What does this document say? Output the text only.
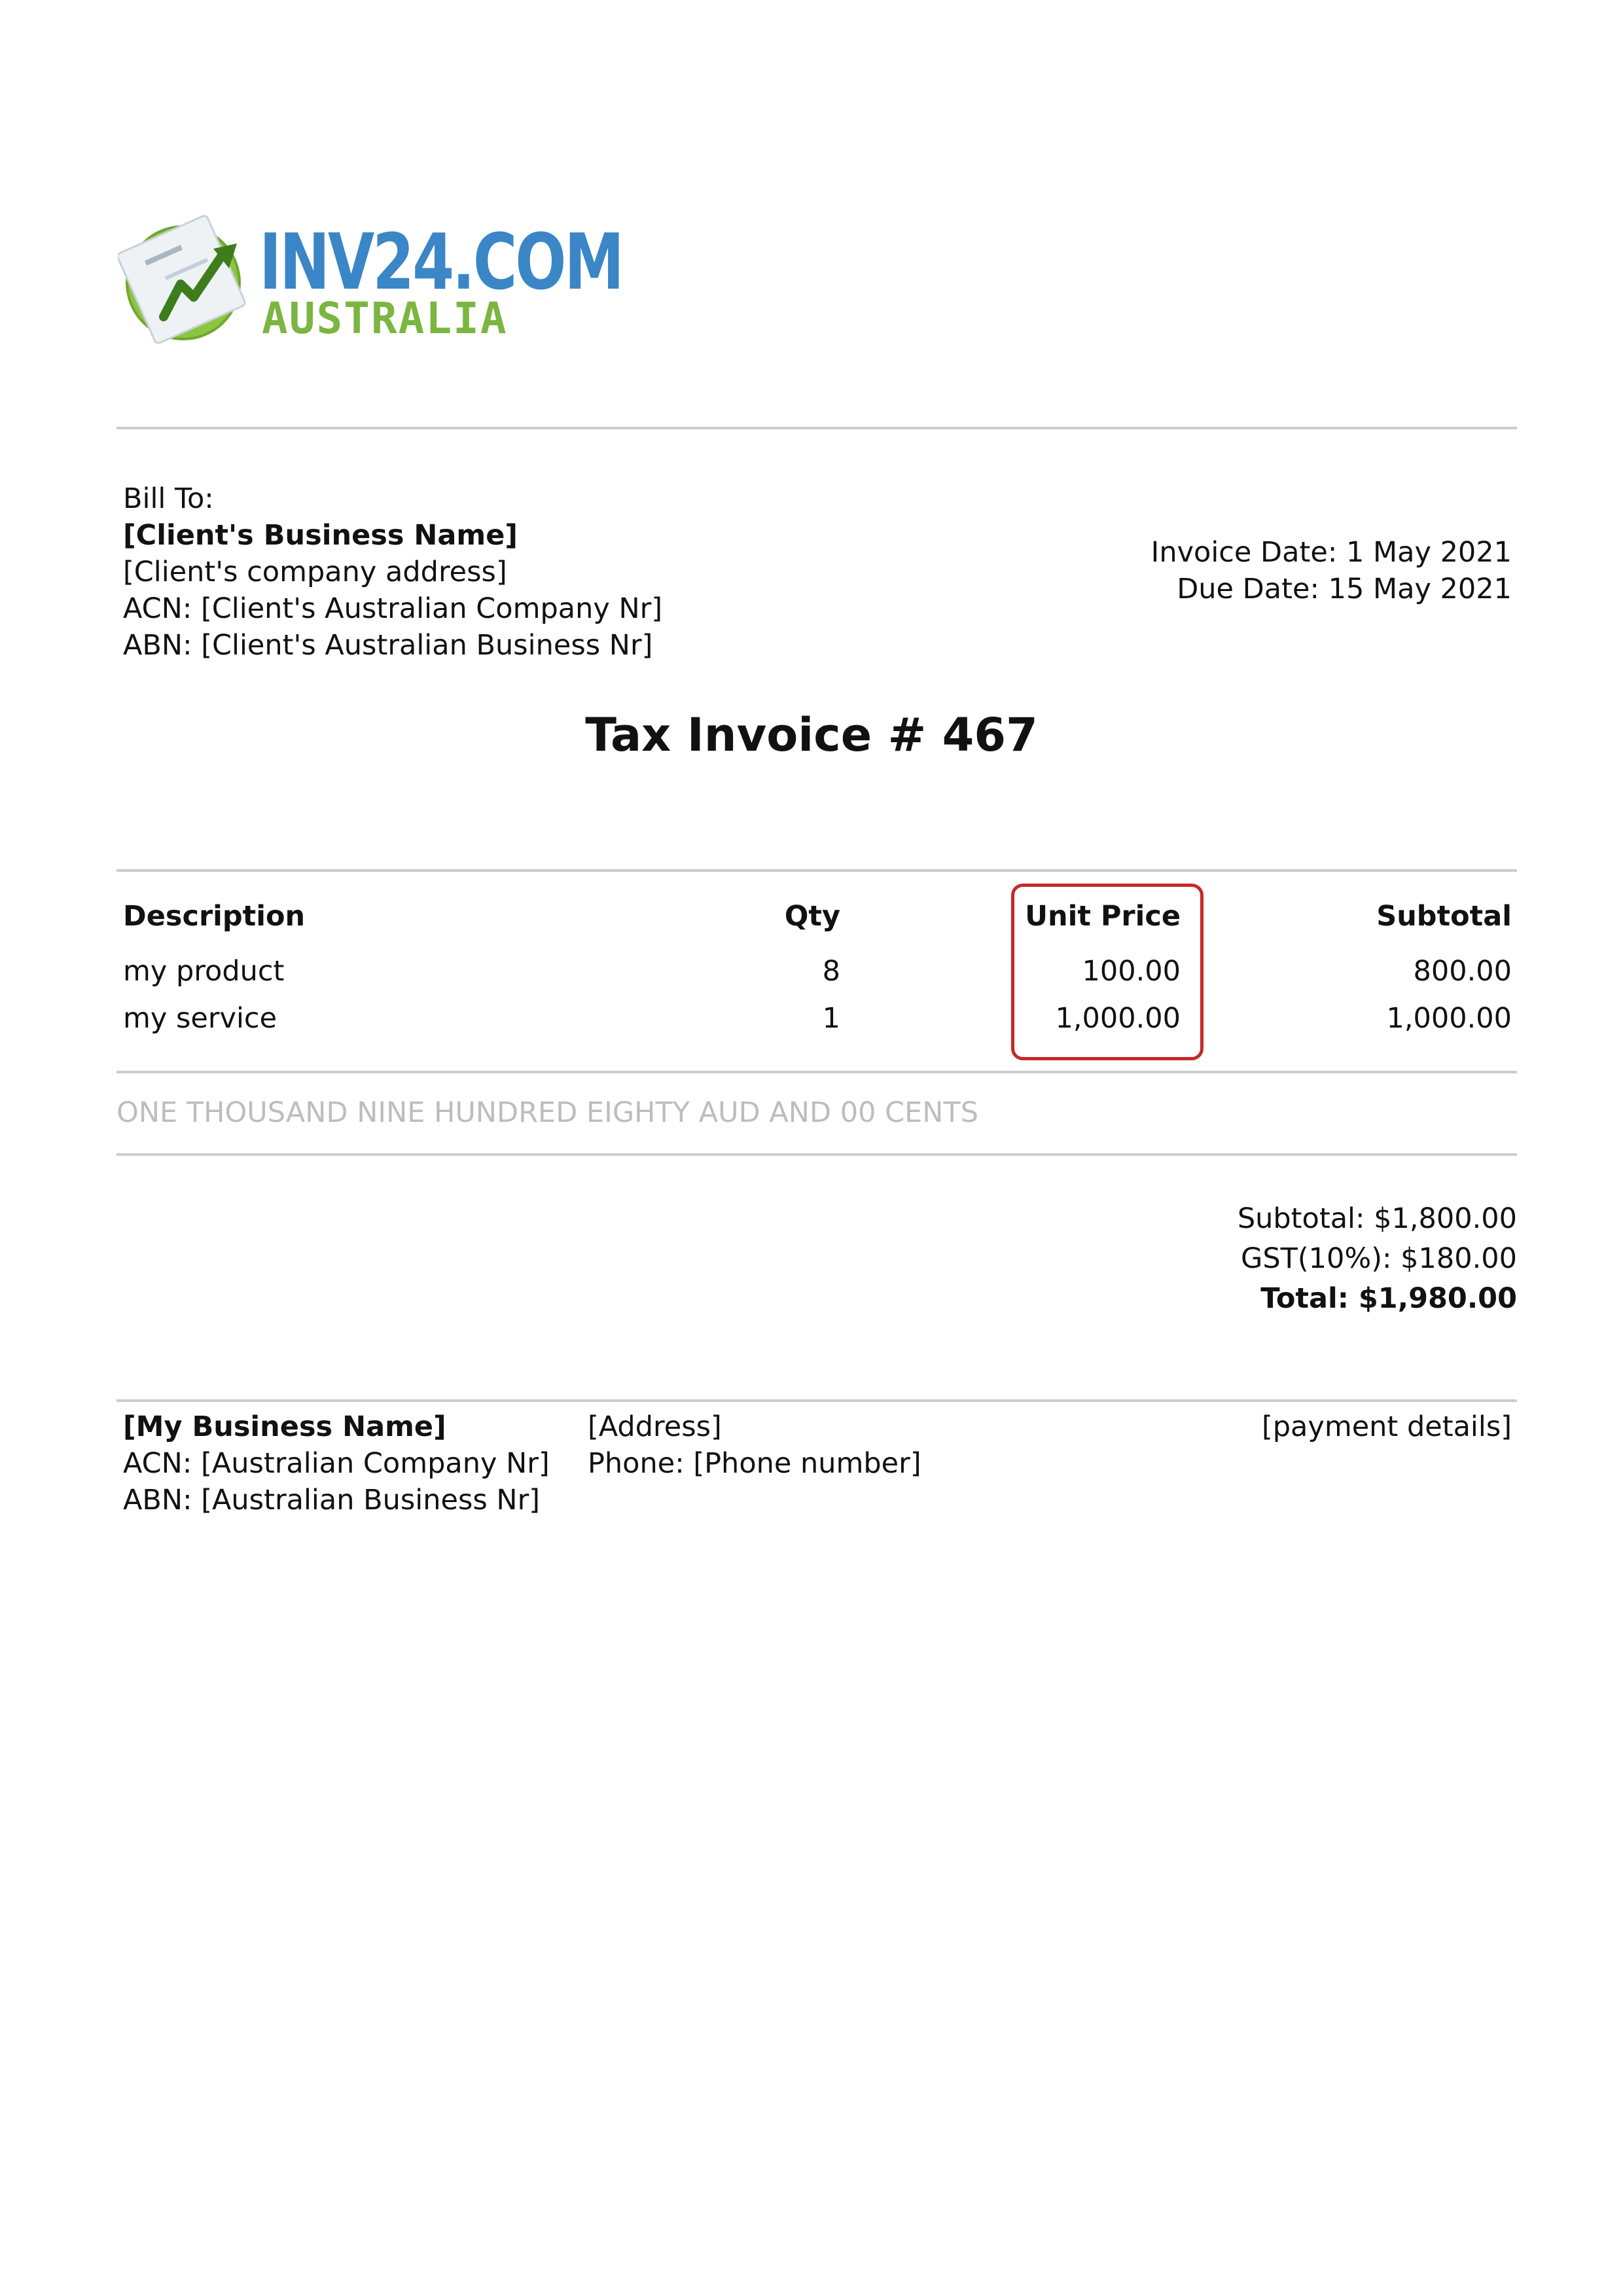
INV24.COM
AUSTRALIA
Bill To:
[Client's Business Name]
[Client's company address]
ACN: [Client's Australian Company Nr]
ABN: [Client's Australian Business Nr]
Invoice Date: 1 May 2021
Due Date: 15 May 2021
Tax Invoice # 467
Description	Qty	Unit Price	Subtotal
my product	8	100.00	800.00
my service	1	1,000.00	1,000.00
ONE THOUSAND NINE HUNDRED EIGHTY AUD AND 00 CENTS
Subtotal: $1,800.00
GST(10%): $180.00
Total: $1,980.00
[My Business Name]
ACN: [Australian Company Nr]
ABN: [Australian Business Nr]
[Address]
Phone: [Phone number]
[payment details]
